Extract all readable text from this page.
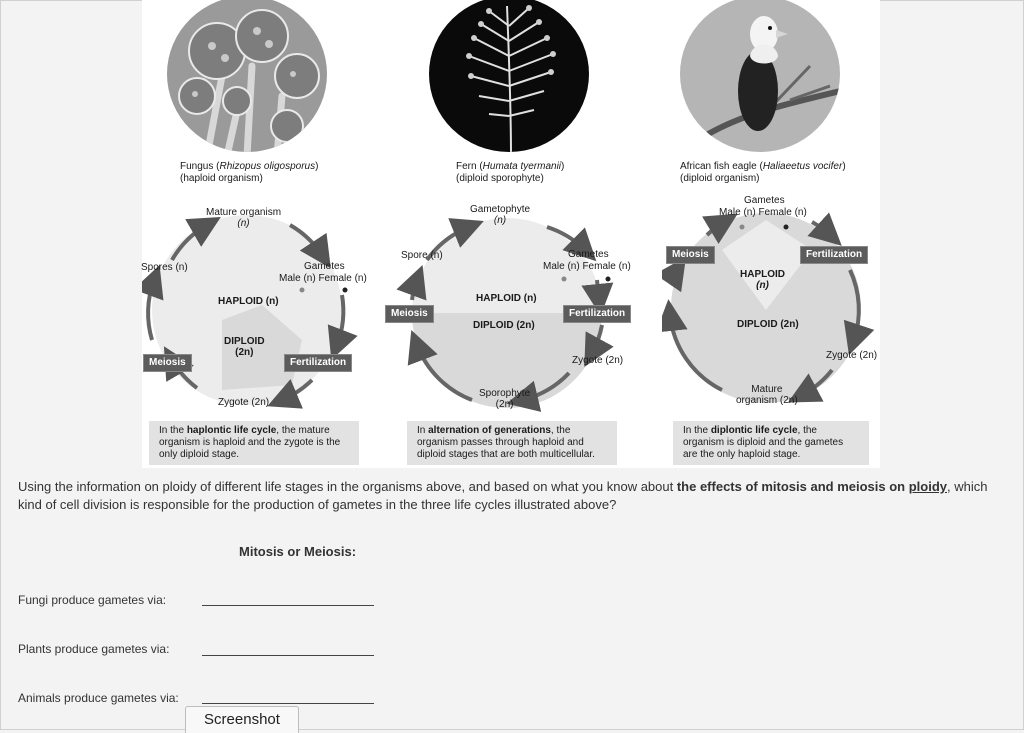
Fungus (Rhizopus oligosporus)
(haploid organism)
Mature organism
(n)
Spores (n)	Gametes
Male (n) Female (n)
HAPLOID (n)
DIPLOID
(2n)
Zygote (2n)
Meiosis	Fertilization
In the haplontic life cycle, the mature organism is haploid and the zygote is the only diploid stage.
Fern (Humata tyermanii)
(diploid sporophyte)
Gametophyte
(n)
Spore (n)	Gametes
Male (n) Female (n)
HAPLOID (n)
DIPLOID (2n)
Zygote (2n)
Sporophyte
(2n)
Meiosis	Fertilization
In alternation of generations, the organism passes through haploid and diploid stages that are both multicellular.
African fish eagle (Haliaeetus vocifer)
(diploid organism)
Gametes
Male (n) Female (n)
HAPLOID
(n)
DIPLOID (2n)
Zygote (2n)
Mature
organism (2n)
Meiosis	Fertilization
In the diplontic life cycle, the organism is diploid and the gametes are the only haploid stage.
Using the information on ploidy of different life stages in the organisms above, and based on what you know about the effects of mitosis and meiosis on ploidy, which kind of cell division is responsible for the production of gametes in the three life cycles illustrated above?
Mitosis or Meiosis:
Fungi produce gametes via:
Plants produce gametes via:
Animals produce gametes via:
Screenshot
